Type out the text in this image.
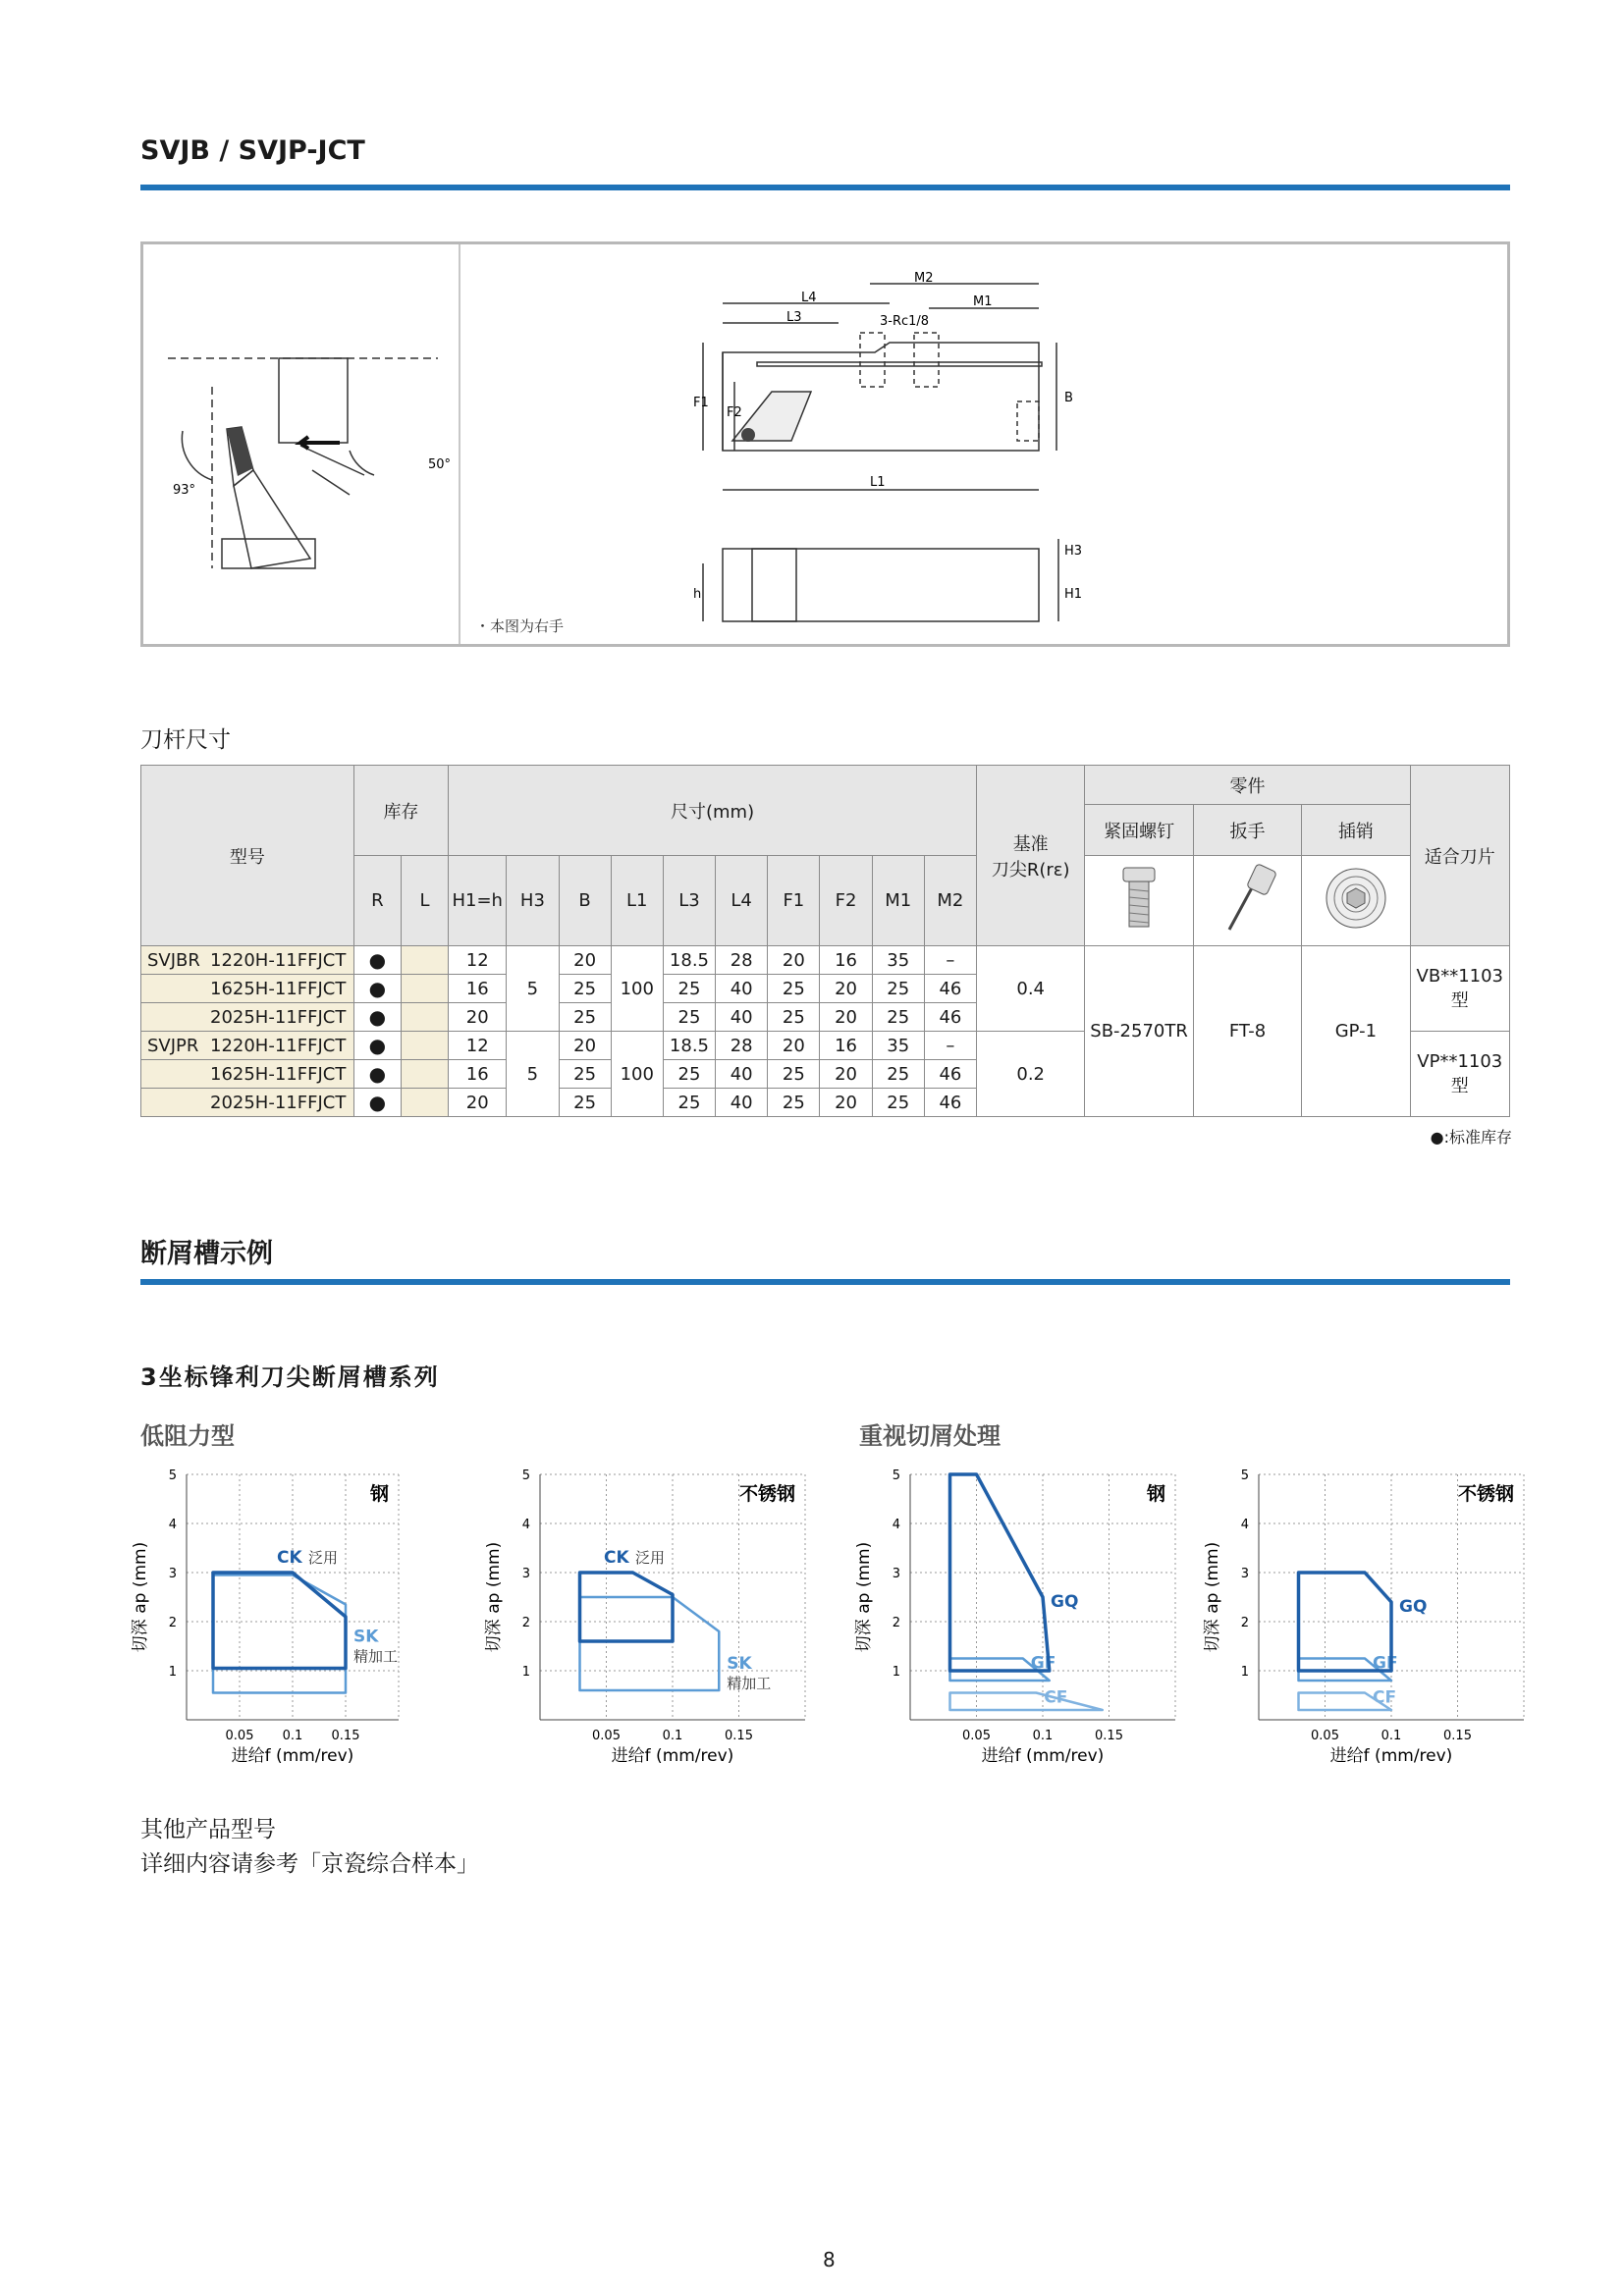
SVJB / SVJP-JCT
93°
50°
M2
M1
L4
L3	3-Rc1/8
F1
F2
B
L1
h
H3
H1
・本图为右手
刀杆尺寸
型号	库存		尺寸(mm)										基准
刀尖R(rε)	零件			适合刀片
														紧固螺钉	扳手	插销	
	R	L	H1=h	H3	B	L1	L3	L4	F1	F2	M1	M2			
SVJBR 1220H-11FFJCT	●		12	5	20	100	18.5	28	20	16	35	–	0.4	SB-2570TR	FT-8	GP-1	VB**1103
型
1625H-11FFJCT	●		16		25		25	40	25	20	25	46					
2025H-11FFJCT	●		20		25		25	40	25	20	25	46					
SVJPR 1220H-11FFJCT	●		12	5	20	100	18.5	28	20	16	35	–	0.2				VP**1103
型
1625H-11FFJCT	●		16		25		25	40	25	20	25	46					
2025H-11FFJCT	●		20		25		25	40	25	20	25	46					
●:标准库存
断屑槽示例
3坐标锋利刀尖断屑槽系列
低阻力型	重视切屑处理
1
2
3
4
5
0.05 0.1 0.15
进给f (mm/rev)
切深 ap (mm)
钢
SK
精加工
CK 泛用
1
2
3
4
5
0.05	0.1	0.15
进给f (mm/rev)
切深 ap (mm)
不锈钢
SK
精加工
CK 泛用
1
2
3
4
5
0.05	0.1	0.15
进给f (mm/rev)
切深 ap (mm)
钢
CF
GF
GQ
1
2
3
4
5
0.05	0.1	0.15
进给f (mm/rev)
切深 ap (mm)
不锈钢
CF
GF
GQ
其他产品型号
详细内容请参考「京瓷综合样本」
8
